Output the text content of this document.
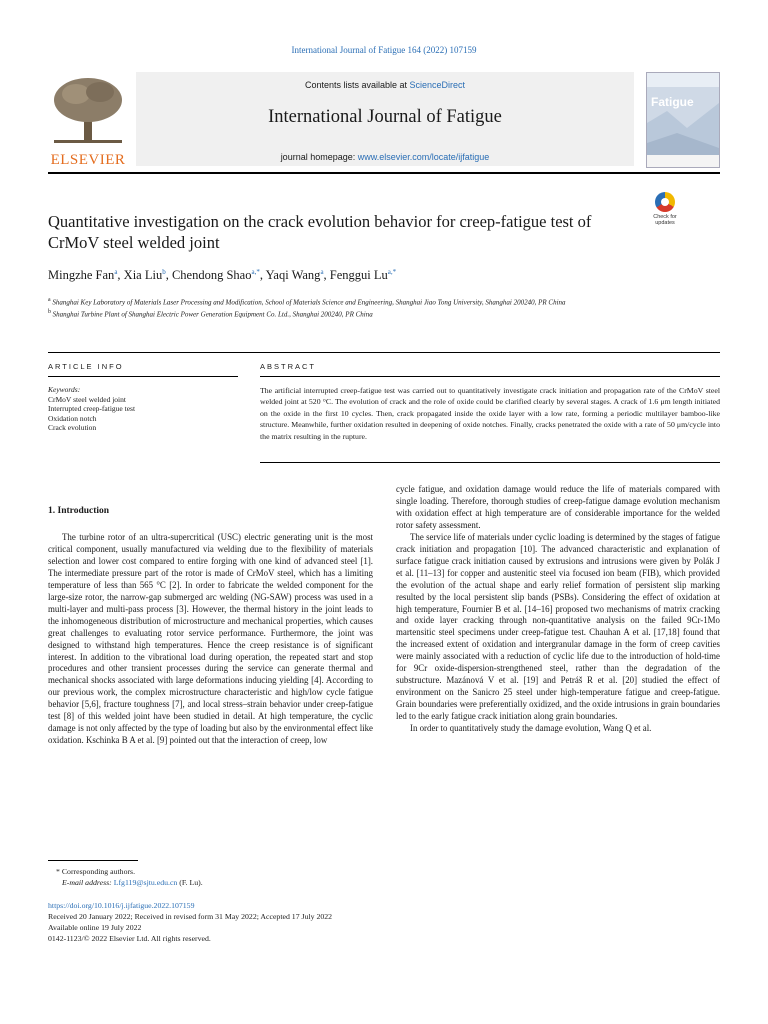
International Journal of Fatigue 164 (2022) 107159
ELSEVIER
Contents lists available at ScienceDirect
International Journal of Fatigue
journal homepage: www.elsevier.com/locate/ijfatigue
Fatigue
Quantitative investigation on the crack evolution behavior for creep-fatigue test of CrMoV steel welded joint
Check for updates
Mingzhe Fan$^a$, Xia Liu$^b$, Chendong Shao$^{a,*}$, Yaqi Wang$^a$, Fenggui $Lu^{a,*}$
$^a$ Shanghai Key Laboratory of Materials Laser Processing and Modification, School of Materials Science and Engineering, Shanghai Jiao Tong University, Shanghai 200240, PR China
$^b$ Shanghai Turbine Plant of Shanghai Electric Power Generation Equipment Co. Ltd., Shanghai 200240, PR China
ARTICLE INFO	ABSTRACT
Keywords:
CrMoV steel welded joint
Interrupted creep-fatigue test
Oxidation notch
Crack evolution
The artificial interrupted creep-fatigue test was carried out to quantitatively investigate crack initiation and propagation rate of the CrMoV steel welded joint at 520 °C. The evolution of crack and the role of oxide could be clarified clearly by several stages. A crack of 1.6 μm length initiated on the oxide in the first 10 cycles. Then, crack propagated inside the oxide layer with a low rate, forming a periodic multilayer bamboo-like structure. Meanwhile, further oxidation resulted in deepening of oxide notches. Finally, cracks penetrated the oxide with a rate of 50 μm/cycle into the matrix resulting in the rupture.
1. Introduction

The turbine rotor of an ultra-supercritical (USC) electric generating unit is the most critical component, usually manufactured via welding due to the flexibility of materials selection and lower cost compared to entire forging with one kind of advanced steel [1]. The intermediate pressure part of the rotor is made of CrMoV steel, which has a limiting temperature of less than 565 °C [2]. In order to fabricate the welded component for the large-size rotor, the narrow-gap submerged arc welding (NG-SAW) process was used in a multi-layer and multi-pass process [3]. However, the thermal history in the joint leads to the inhomogeneous distribution of microstructure and mechanical properties, which causes great challenges to evaluating rotor service performance. Furthermore, the joint was designed to withstand high temperatures. Hence the creep resistance is of significant interest. In addition to the vibrational load during operation, the repeated start and stop procedures and other transient processes during the service can generate thermal and mechanical shocks associated with large deformations inducing yielding [4]. According to our previous work, the complex microstructure characteristic and high/low cycle fatigue behavior [5,6], fracture toughness [7], and local stress–strain behavior under creep-fatigue test [8] of this welded joint have been studied in detail. At high temperature, the cyclic damage is not only affected by the type of loading but also by the environmental effect like oxidation. Kschinka B A et al. [9] pointed out that the interaction of creep, low

cycle fatigue, and oxidation damage would reduce the life of materials compared with single loading. Therefore, thorough studies of creep-fatigue damage evolution mechanism with oxidation effect at high temperature are of considerable importance for the welded rotor safety assessment.

The service life of materials under cyclic loading is determined by the stages of fatigue crack initiation and propagation [10]. The advanced characteristic and explanation of surface fatigue crack initiation caused by extrusions and intrusions were given by Polák J et al. [11–13] for copper and austenitic steel via focused ion beam (FIB), which provided the evolution of the actual shape and early relief formation of persistent slip marking resulted by the local persistent slip bands (PSBs). Considering the effect of oxidation at high temperature, Fournier B et al. [14–16] proposed two mechanisms of matrix cracking and oxide layer cracking through non-quantitative analysis on the failed 9Cr-1Mo martensitic steel specimens under creep-fatigue test. Chauhan A et al. [17,18] found that the increased extent of oxidation and intergranular damage in the form of creep cavities were mainly associated with a reduction of cyclic life due to the introduction of hold-time for 9Cr oxide-dispersion-strengthened steel, rather than the degradation of the substructure. Mazánová V et al. [19] and Petráš R et al. [20] studied the effect of environment on the Sanicro 25 steel under high-temperature fatigue and creep-fatigue. Grain boundaries were preferentially oxidized, and the oxide intrusions in grain boundaries led to the early fatigue crack initiation along grain boundaries.

In order to quantitatively study the damage evolution, Wang Q et al.

* Corresponding authors.
E-mail address: Lfg119@sjtu.edu.cn (F. Lu).
https://doi.org/10.1016/j.ijfatigue.2022.107159
Received 20 January 2022; Received in revised form 31 May 2022; Accepted 17 July 2022
Available online 19 July 2022
0142-1123/© 2022 Elsevier Ltd. All rights reserved.
